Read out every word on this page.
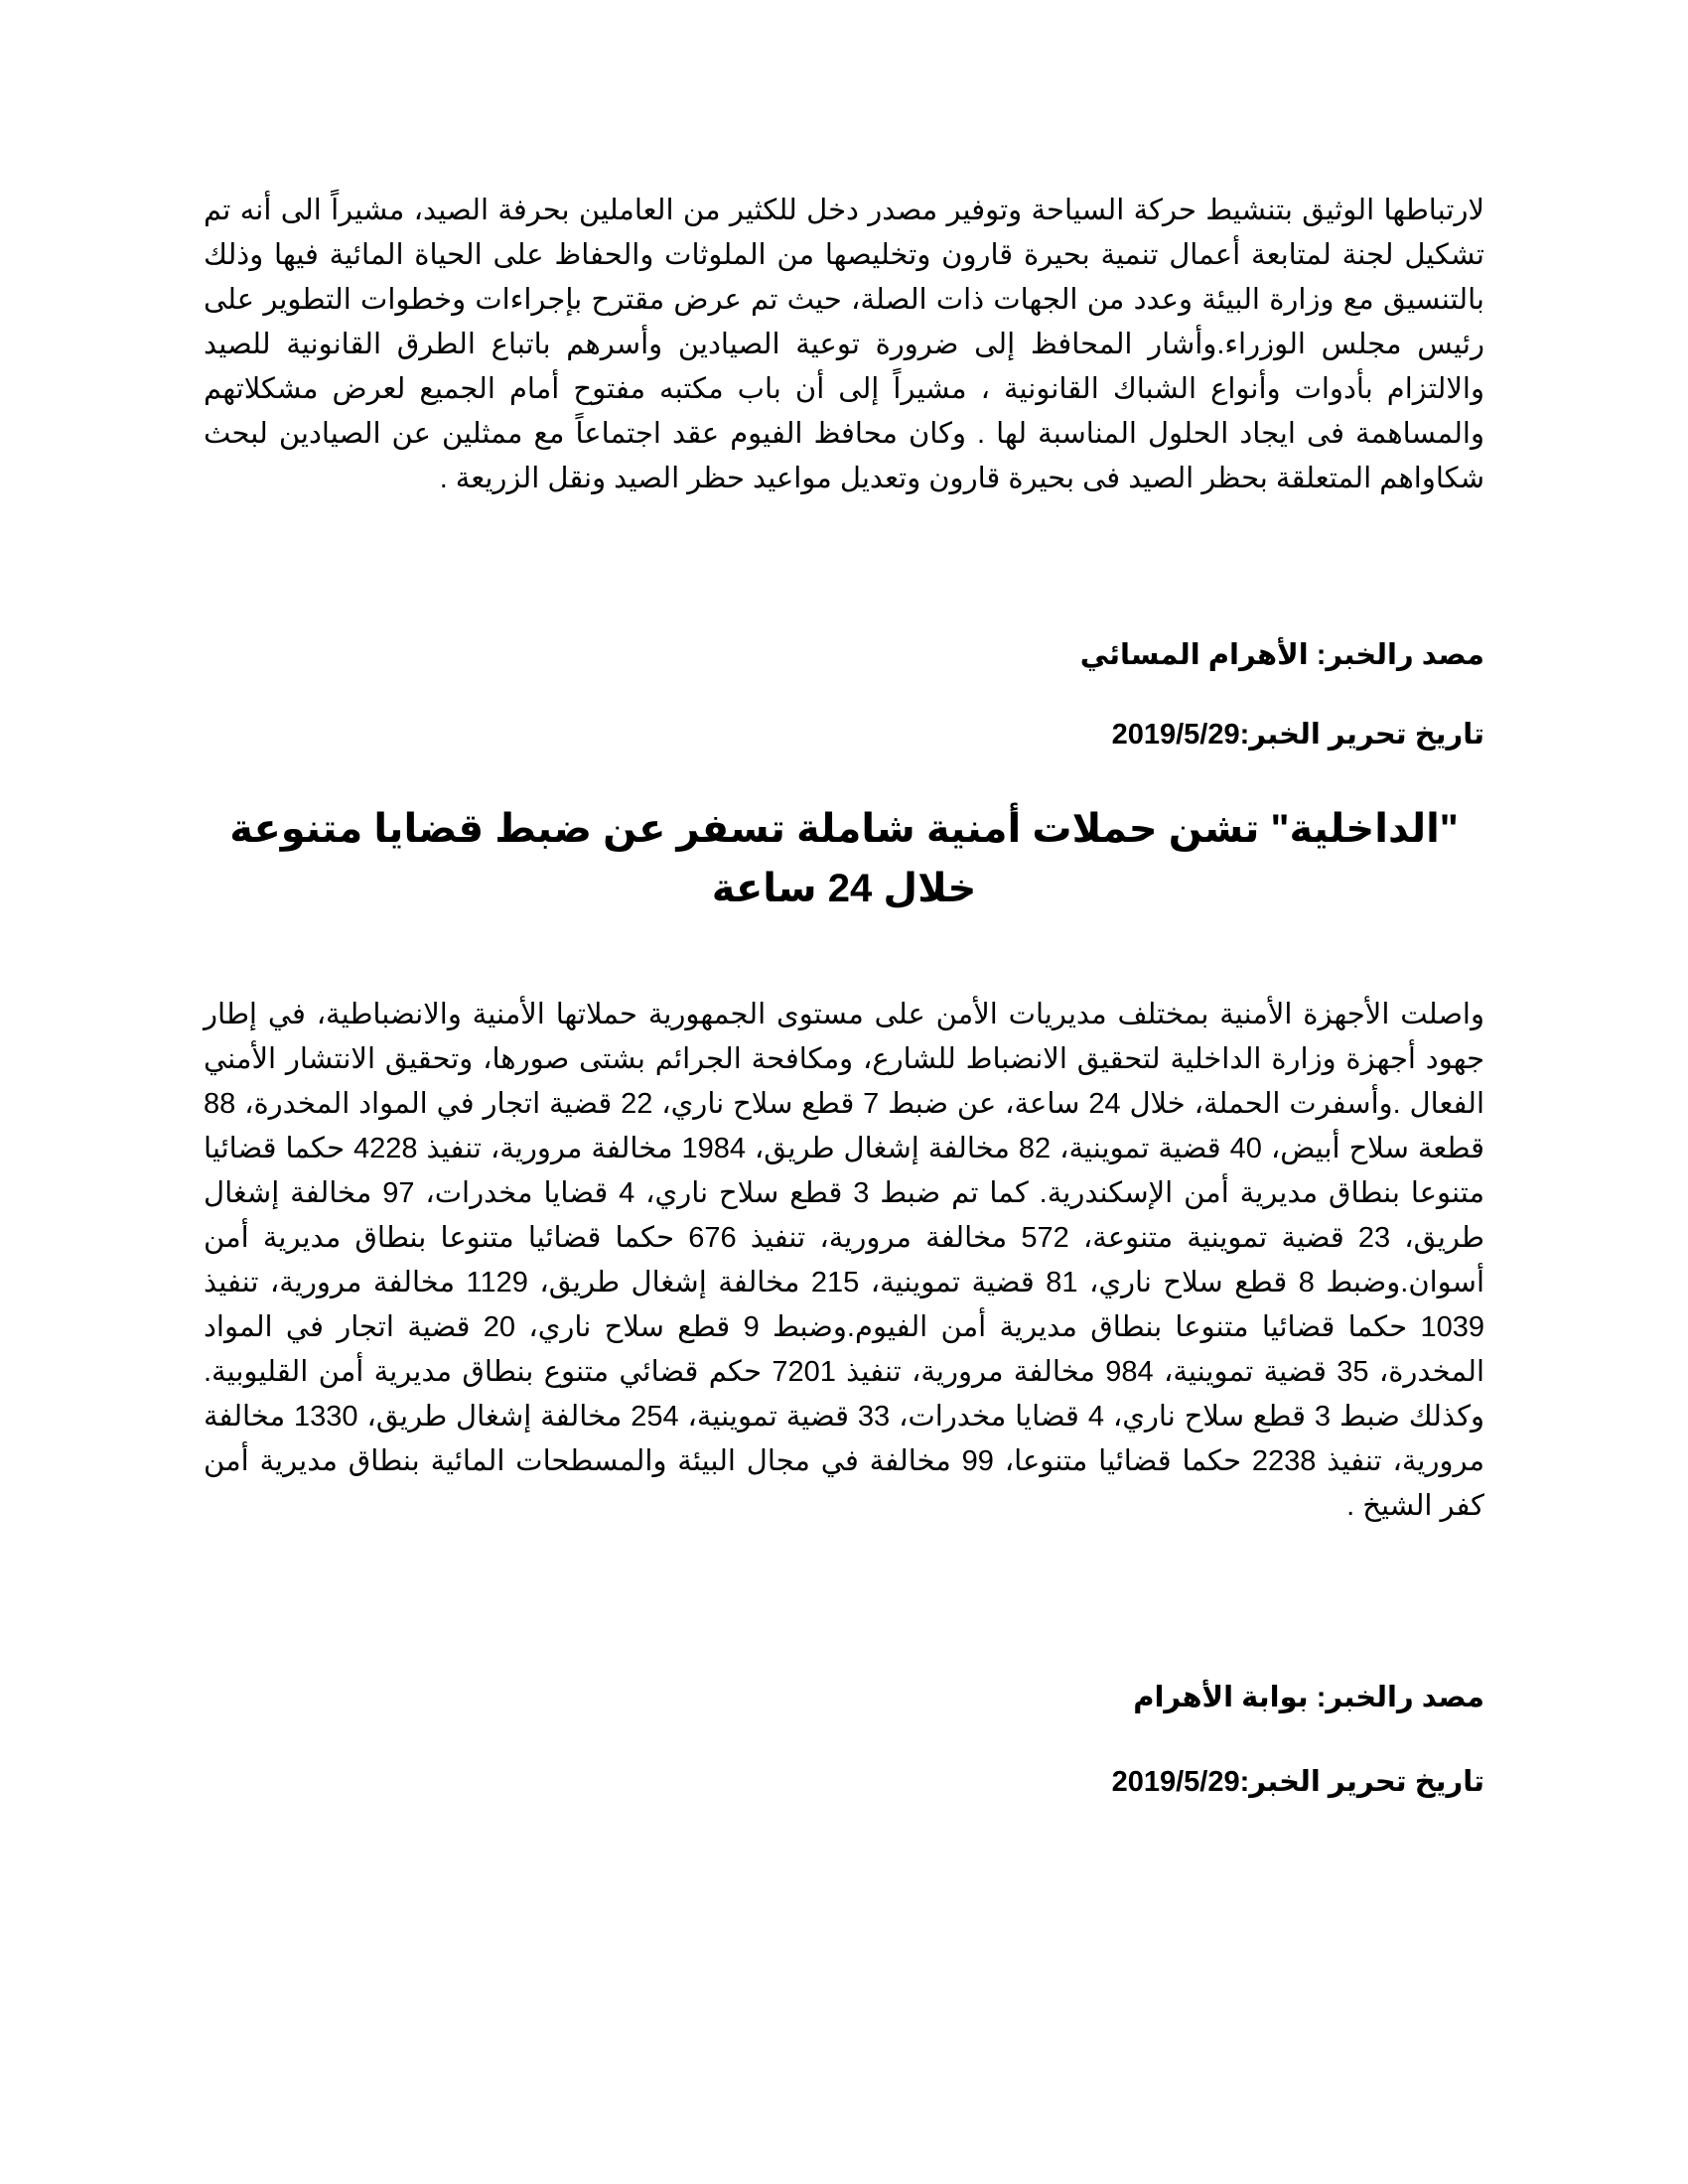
لارتباطها الوثيق بتنشيط حركة السياحة وتوفير مصدر دخل للكثير من العاملين بحرفة الصيد، مشيراً الى أنه تم تشكيل لجنة لمتابعة أعمال تنمية بحيرة قارون وتخليصها من الملوثات والحفاظ على الحياة المائية فيها وذلك بالتنسيق مع وزارة البيئة وعدد من الجهات ذات الصلة، حيث تم عرض مقترح بإجراءات وخطوات التطوير على رئيس مجلس الوزراء.وأشار المحافظ إلى ضرورة توعية الصيادين وأسرهم باتباع الطرق القانونية للصيد والالتزام بأدوات وأنواع الشباك القانونية ، مشيراً إلى أن باب مكتبه مفتوح أمام الجميع لعرض مشكلاتهم والمساهمة فى ايجاد الحلول المناسبة لها . وكان محافظ الفيوم عقد اجتماعاً مع ممثلين عن الصيادين لبحث شكاواهم المتعلقة بحظر الصيد فى بحيرة قارون وتعديل مواعيد حظر الصيد ونقل الزريعة .

مصد رالخبر: الأهرام المسائي

تاريخ تحرير الخبر:2019/5/29

"الداخلية" تشن حملات أمنية شاملة تسفر عن ضبط قضايا متنوعة خلال 24 ساعة

واصلت الأجهزة الأمنية بمختلف مديريات الأمن على مستوى الجمهورية حملاتها الأمنية والانضباطية، في إطار جهود أجهزة وزارة الداخلية لتحقيق الانضباط للشارع، ومكافحة الجرائم بشتى صورها، وتحقيق الانتشار الأمني الفعال .وأسفرت الحملة، خلال 24 ساعة، عن ضبط 7 قطع سلاح ناري، 22 قضية اتجار في المواد المخدرة، 88 قطعة سلاح أبيض، 40 قضية تموينية، 82 مخالفة إشغال طريق، 1984 مخالفة مرورية، تنفيذ 4228 حكما قضائيا متنوعا بنطاق مديرية أمن الإسكندرية. كما تم ضبط 3 قطع سلاح ناري، 4 قضايا مخدرات، 97 مخالفة إشغال طريق، 23 قضية تموينية متنوعة، 572 مخالفة مرورية، تنفيذ 676 حكما قضائيا متنوعا بنطاق مديرية أمن أسوان.وضبط 8 قطع سلاح ناري، 81 قضية تموينية، 215 مخالفة إشغال طريق، 1129 مخالفة مرورية، تنفيذ 1039 حكما قضائيا متنوعا بنطاق مديرية أمن الفيوم.وضبط 9 قطع سلاح ناري، 20 قضية اتجار في المواد المخدرة، 35 قضية تموينية، 984 مخالفة مرورية، تنفيذ 7201 حكم قضائي متنوع بنطاق مديرية أمن القليوبية. وكذلك ضبط 3 قطع سلاح ناري، 4 قضايا مخدرات، 33 قضية تموينية، 254 مخالفة إشغال طريق، 1330 مخالفة مرورية، تنفيذ 2238 حكما قضائيا متنوعا، 99 مخالفة في مجال البيئة والمسطحات المائية بنطاق مديرية أمن كفر الشيخ .

مصد رالخبر: بوابة الأهرام

تاريخ تحرير الخبر:2019/5/29
